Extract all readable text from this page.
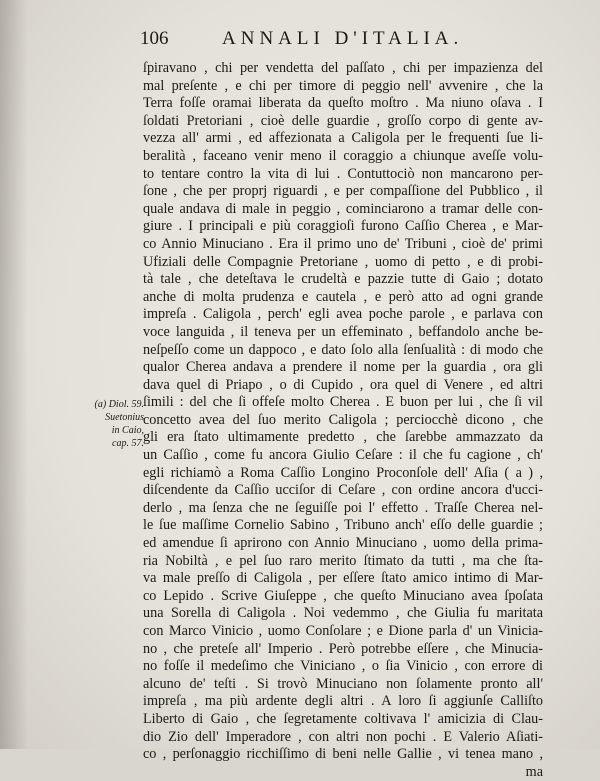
106	ANNALI D'ITALIA.
(a) Diol. 59.
Suetonius
in Caio,
cap. 57.
ſpiravano , chi per vendetta del paſſato , chi per impazienza del
mal preſente , e chi per timore di peggio nell' avvenire , che la
Terra foſſe oramai liberata da queſto moſtro . Ma niuno oſava . I
ſoldati Pretoriani , cioè delle guardie , groſſo corpo di gente av-
vezza all' armi , ed affezionata a Caligola per le frequenti ſue li-
beralità , faceano venir meno il coraggio a chiunque aveſſe volu-
to tentare contro la vita di lui . Contuttociò non mancarono per-
ſone , che per proprj riguardi , e per compaſſione del Pubblico , il
quale andava di male in peggio , cominciarono a tramar delle con-
giure . I principali e più coraggioſi furono Caſſio Cherea , e Mar-
co Annio Minuciano . Era il primo uno de' Tribuni , cioè de' primi
Ufiziali delle Compagnie Pretoriane , uomo di petto , e di probi-
tà tale , che deteſtava le crudeltà e pazzie tutte di Gaio ; dotato
anche di molta prudenza e cautela , e però atto ad ogni grande
impreſa . Caligola , perch' egli avea poche parole , e parlava con
voce languida , il teneva per un effeminato , beffandolo anche be-
neſpeſſo come un dappoco , e dato ſolo alla ſenſualità : di modo che
qualor Cherea andava a prendere il nome per la guardia , ora gli
dava quel di Priapo , o di Cupido , ora quel di Venere , ed altri
ſimili : del che ſi offeſe molto Cherea . E buon per lui , che ſi vil
concetto avea del ſuo merito Caligola ; perciocchè dicono , che
gli era ſtato ultimamente predetto , che ſarebbe ammazzato da
un Caſſio , come fu ancora Giulio Ceſare : il che fu cagione , ch'
egli richiamò a Roma Caſſio Longino Proconſole dell' Aſia ( a ) ,
diſcendente da Caſſio ucciſor di Ceſare , con ordine ancora d'ucci-
derlo , ma ſenza che ne ſeguiſſe poi l' effetto . Traſſe Cherea nel-
le ſue maſſime Cornelio Sabino , Tribuno anch' eſſo delle guardie ;
ed amendue ſi aprirono con Annio Minuciano , uomo della prima-
ria Nobiltà , e pel ſuo raro merito ſtimato da tutti , ma che ſta-
va male preſſo di Caligola , per eſſere ſtato amico intimo di Mar-
co Lepido . Scrive Giuſeppe , che queſto Minuciano avea ſpoſata
una Sorella di Caligola . Noi vedemmo , che Giulia fu maritata
con Marco Vinicio , uomo Conſolare ; e Dione parla d' un Vinicia-
no , che preteſe all' Imperio . Però potrebbe eſſere , che Minucia-
no foſſe il medeſimo che Viniciano , o ſia Vinicio , con errore di
alcuno de' teſti . Si trovò Minuciano non ſolamente pronto all'
impreſa , ma più ardente degli altri . A loro ſi aggiunſe Calliſto
Liberto di Gaio , che ſegretamente coltivava l' amicizia di Clau-
dio Zio dell' Imperadore , con altri non pochi . E Valerio Aſiati-
co , perſonaggio ricchiſſimo di beni nelle Gallie , vi tenea mano ,
ma
